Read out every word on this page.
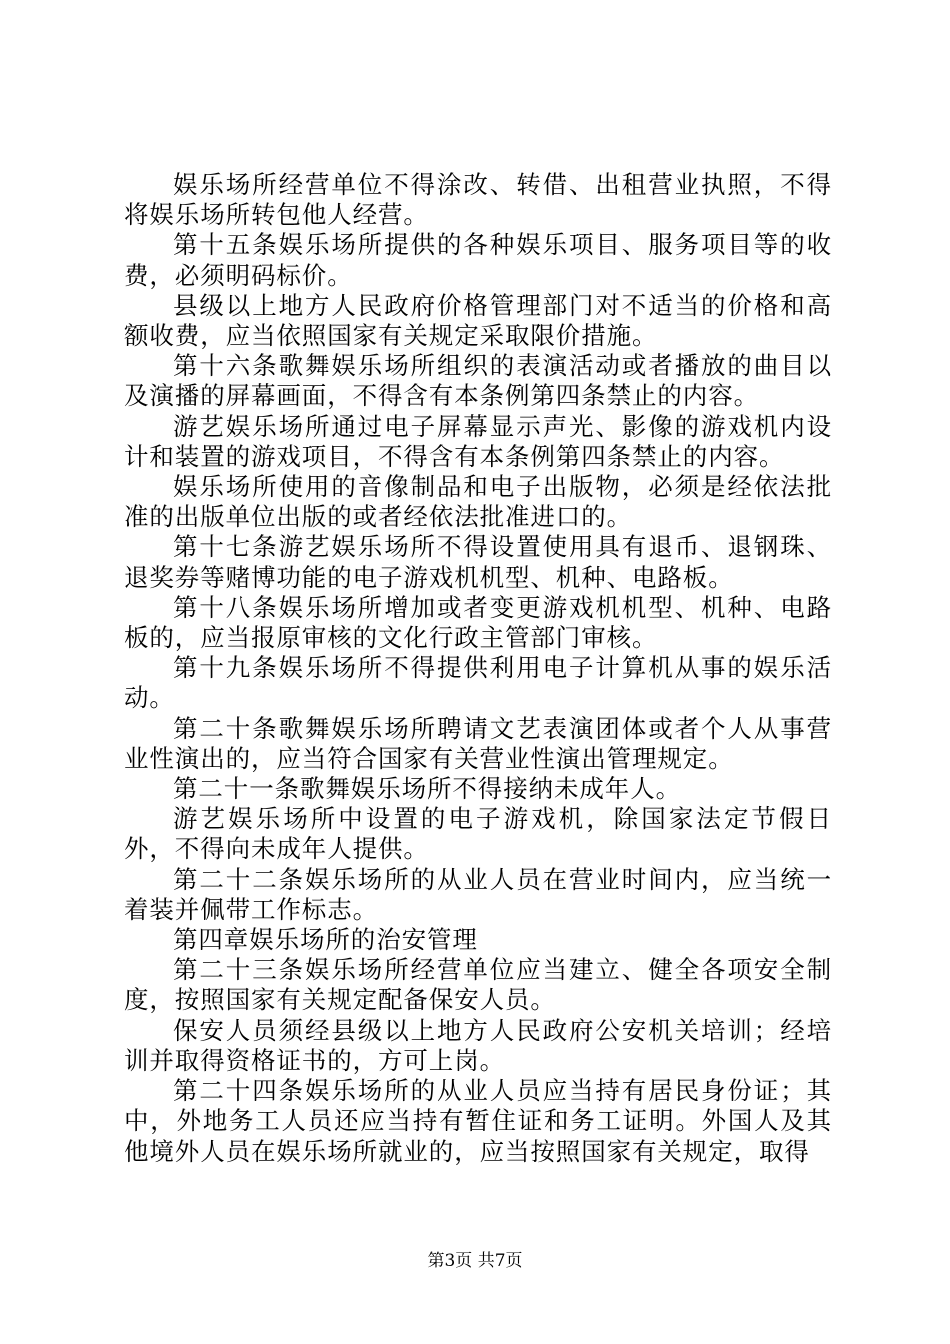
娱乐场所经营单位不得涂改、转借、出租营业执照，不得将娱乐场所转包他人经营。

第十五条娱乐场所提供的各种娱乐项目、服务项目等的收费，必须明码标价。

县级以上地方人民政府价格管理部门对不适当的价格和高额收费，应当依照国家有关规定采取限价措施。

第十六条歌舞娱乐场所组织的表演活动或者播放的曲目以及演播的屏幕画面，不得含有本条例第四条禁止的内容。

游艺娱乐场所通过电子屏幕显示声光、影像的游戏机内设计和装置的游戏项目，不得含有本条例第四条禁止的内容。

娱乐场所使用的音像制品和电子出版物，必须是经依法批准的出版单位出版的或者经依法批准进口的。

第十七条游艺娱乐场所不得设置使用具有退币、退钢珠、退奖券等赌博功能的电子游戏机机型、机种、电路板。

第十八条娱乐场所增加或者变更游戏机机型、机种、电路板的，应当报原审核的文化行政主管部门审核。

第十九条娱乐场所不得提供利用电子计算机从事的娱乐活动。

第二十条歌舞娱乐场所聘请文艺表演团体或者个人从事营业性演出的，应当符合国家有关营业性演出管理规定。

第二十一条歌舞娱乐场所不得接纳未成年人。

游艺娱乐场所中设置的电子游戏机，除国家法定节假日外，不得向未成年人提供。

第二十二条娱乐场所的从业人员在营业时间内，应当统一着装并佩带工作标志。

第四章娱乐场所的治安管理

第二十三条娱乐场所经营单位应当建立、健全各项安全制度，按照国家有关规定配备保安人员。

保安人员须经县级以上地方人民政府公安机关培训；经培训并取得资格证书的，方可上岗。

第二十四条娱乐场所的从业人员应当持有居民身份证；其中，外地务工人员还应当持有暂住证和务工证明。外国人及其他境外人员在娱乐场所就业的，应当按照国家有关规定，取得

第3页 共7页
